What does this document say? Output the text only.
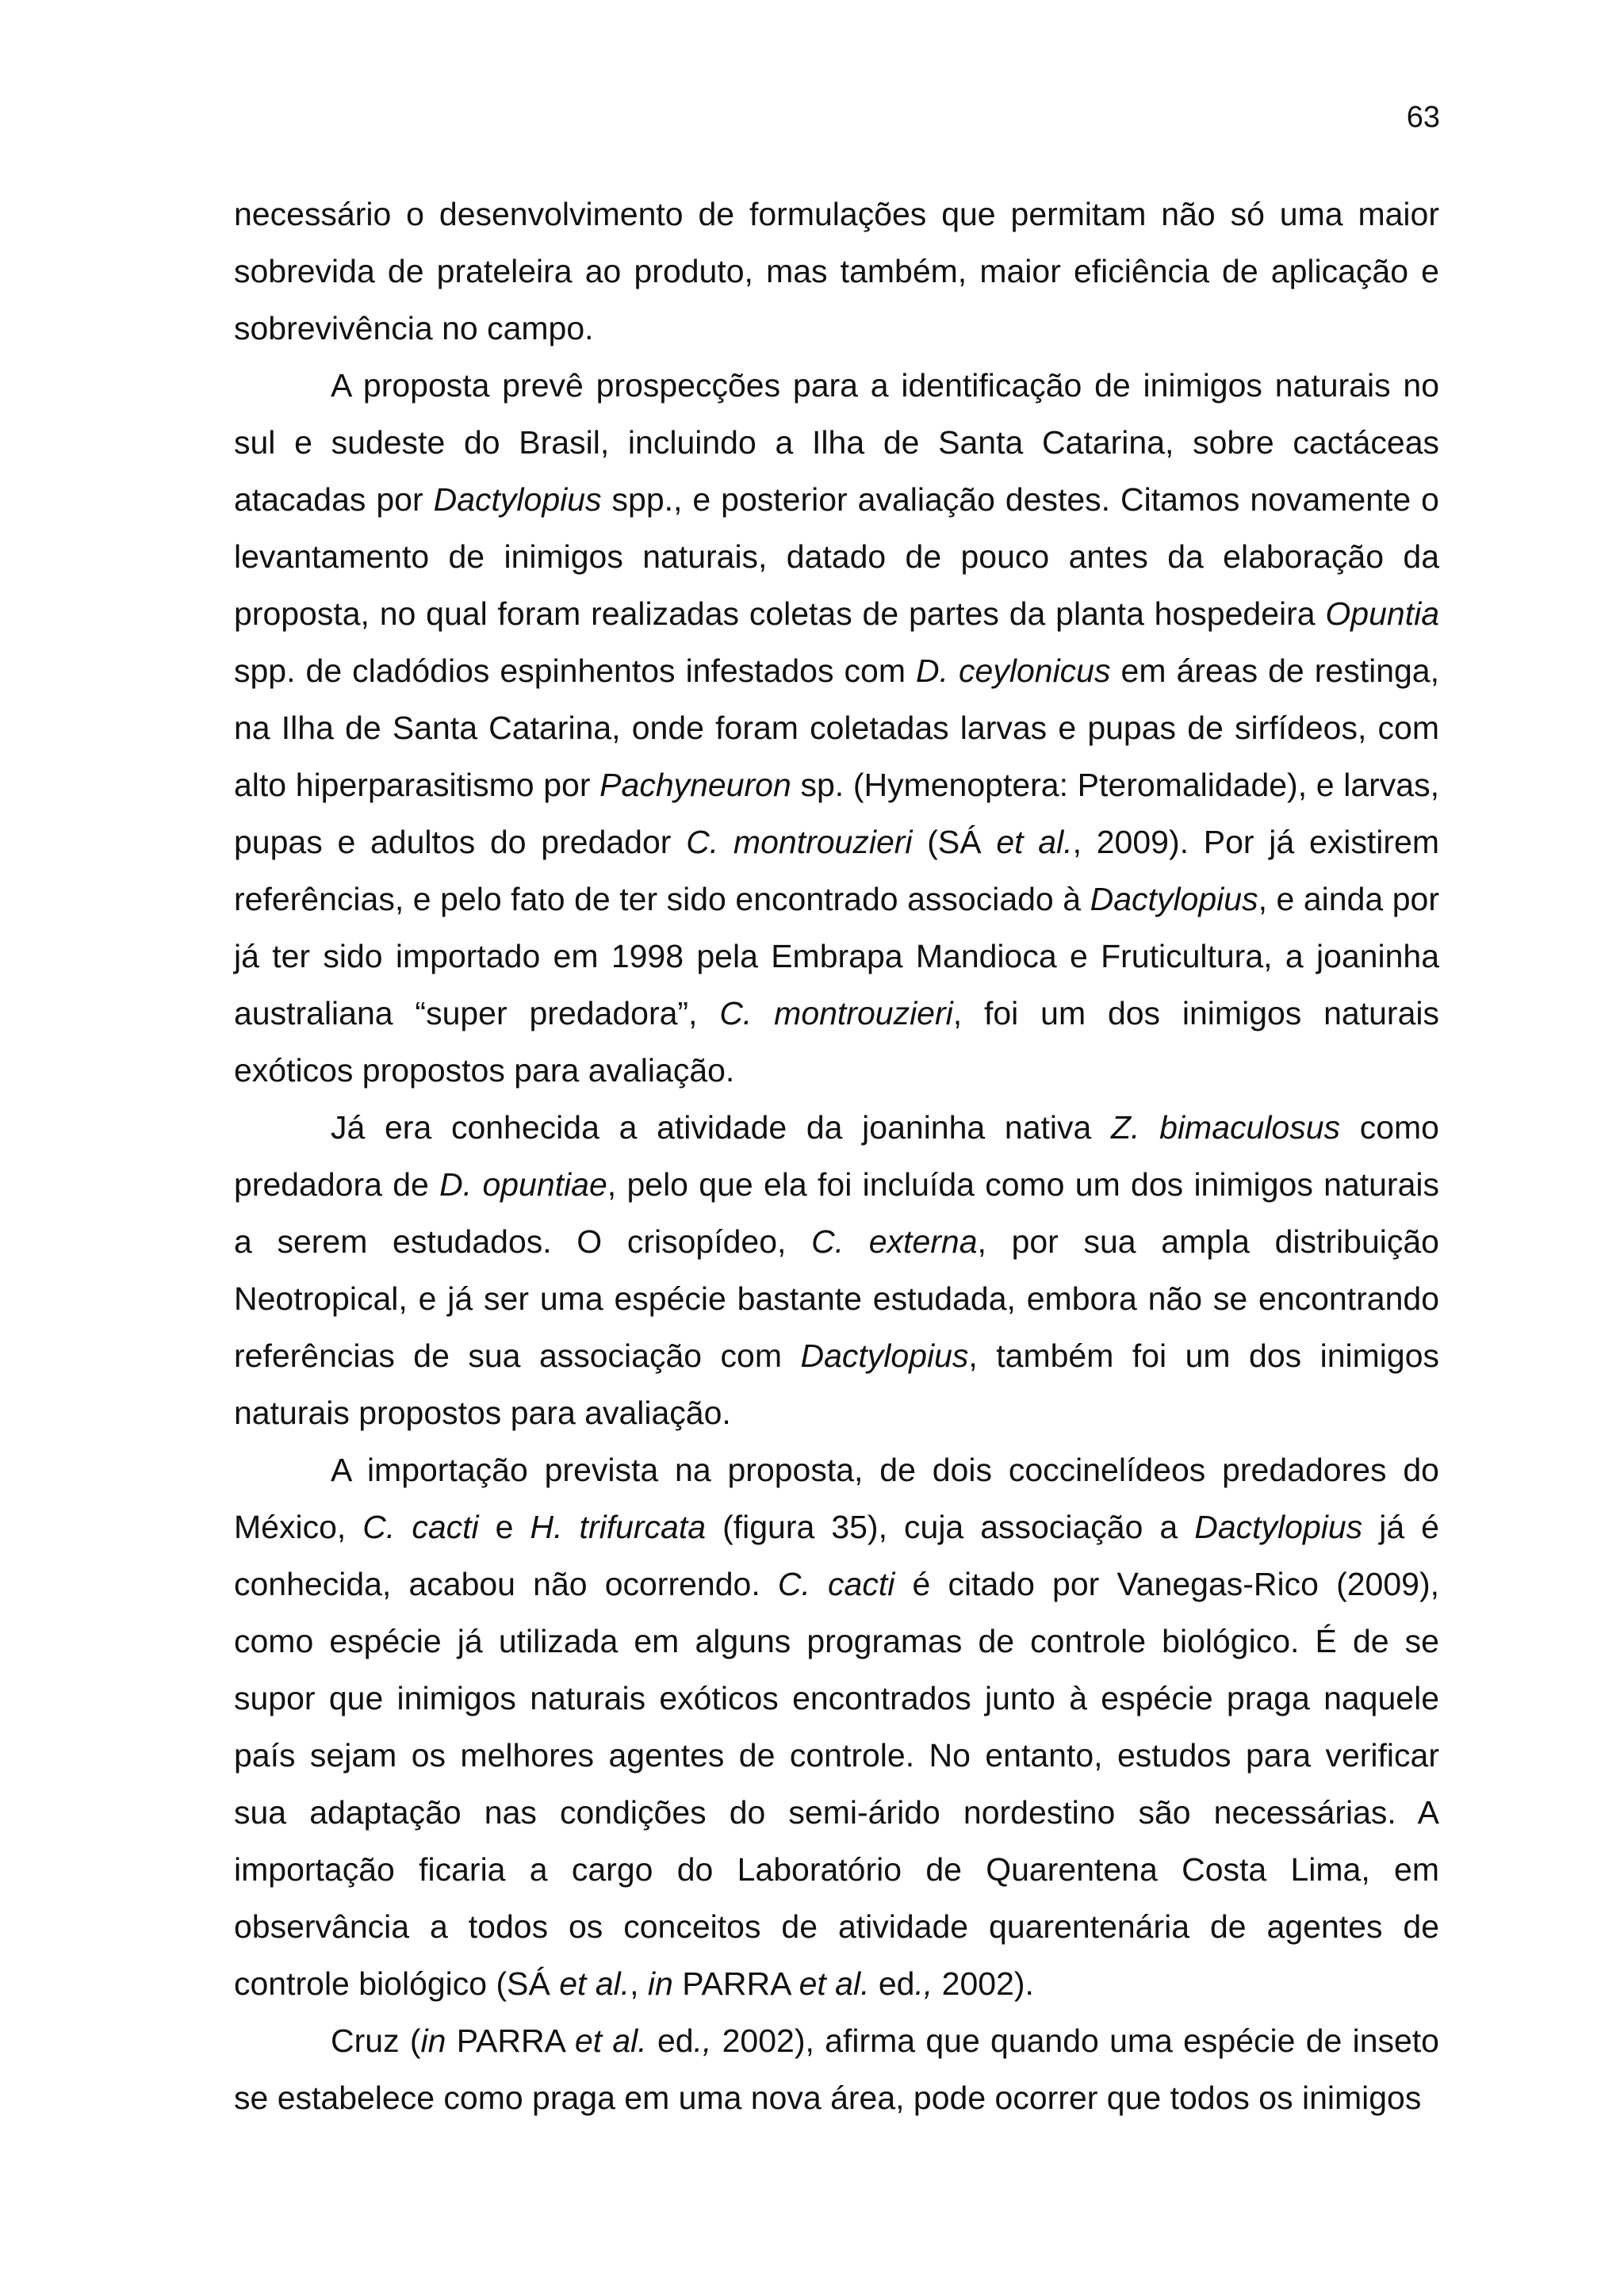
63

necessário o desenvolvimento de formulações que permitam não só uma maior sobrevida de prateleira ao produto, mas também, maior eficiência de aplicação e sobrevivência no campo.

A proposta prevê prospecções para a identificação de inimigos naturais no sul e sudeste do Brasil, incluindo a Ilha de Santa Catarina, sobre cactáceas atacadas por Dactylopius spp., e posterior avaliação destes. Citamos novamente o levantamento de inimigos naturais, datado de pouco antes da elaboração da proposta, no qual foram realizadas coletas de partes da planta hospedeira Opuntia spp. de cladódios espinhentos infestados com D. ceylonicus em áreas de restinga, na Ilha de Santa Catarina, onde foram coletadas larvas e pupas de sirfídeos, com alto hiperparasitismo por Pachyneuron sp. (Hymenoptera: Pteromalidade), e larvas, pupas e adultos do predador C. montrouzieri (SÁ et al., 2009). Por já existirem referências, e pelo fato de ter sido encontrado associado à Dactylopius, e ainda por já ter sido importado em 1998 pela Embrapa Mandioca e Fruticultura, a joaninha australiana “super predadora”, C. montrouzieri, foi um dos inimigos naturais exóticos propostos para avaliação.

Já era conhecida a atividade da joaninha nativa Z. bimaculosus como predadora de D. opuntiae, pelo que ela foi incluída como um dos inimigos naturais a serem estudados. O crisopídeo, C. externa, por sua ampla distribuição Neotropical, e já ser uma espécie bastante estudada, embora não se encontrando referências de sua associação com Dactylopius, também foi um dos inimigos naturais propostos para avaliação.

A importação prevista na proposta, de dois coccinelídeos predadores do México, C. cacti e H. trifurcata (figura 35), cuja associação a Dactylopius já é conhecida, acabou não ocorrendo. C. cacti é citado por Vanegas-Rico (2009), como espécie já utilizada em alguns programas de controle biológico. É de se supor que inimigos naturais exóticos encontrados junto à espécie praga naquele país sejam os melhores agentes de controle. No entanto, estudos para verificar sua adaptação nas condições do semi-árido nordestino são necessárias. A importação ficaria a cargo do Laboratório de Quarentena Costa Lima, em observância a todos os conceitos de atividade quarentenária de agentes de controle biológico (SÁ et al., in PARRA et al. ed., 2002).

Cruz (in PARRA et al. ed., 2002), afirma que quando uma espécie de inseto se estabelece como praga em uma nova área, pode ocorrer que todos os inimigos
